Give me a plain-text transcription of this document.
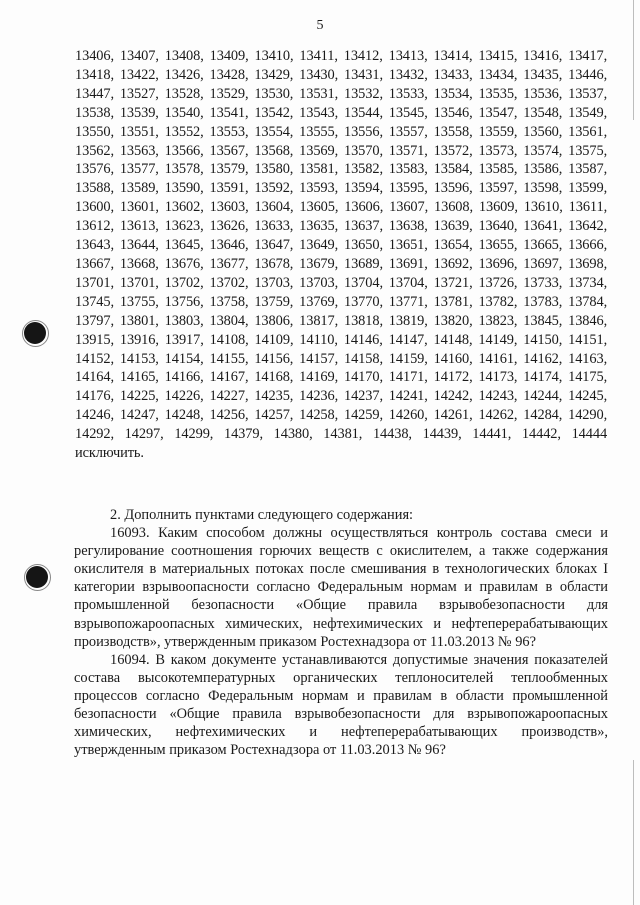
5
13406, 13407, 13408, 13409, 13410, 13411, 13412, 13413, 13414, 13415, 13416, 13417, 13418, 13422, 13426, 13428, 13429, 13430, 13431, 13432, 13433, 13434, 13435, 13446, 13447, 13527, 13528, 13529, 13530, 13531, 13532, 13533, 13534, 13535, 13536, 13537, 13538, 13539, 13540, 13541, 13542, 13543, 13544, 13545, 13546, 13547, 13548, 13549, 13550, 13551, 13552, 13553, 13554, 13555, 13556, 13557, 13558, 13559, 13560, 13561, 13562, 13563, 13566, 13567, 13568, 13569, 13570, 13571, 13572, 13573, 13574, 13575, 13576, 13577, 13578, 13579, 13580, 13581, 13582, 13583, 13584, 13585, 13586, 13587, 13588, 13589, 13590, 13591, 13592, 13593, 13594, 13595, 13596, 13597, 13598, 13599, 13600, 13601, 13602, 13603, 13604, 13605, 13606, 13607, 13608, 13609, 13610, 13611, 13612, 13613, 13623, 13626, 13633, 13635, 13637, 13638, 13639, 13640, 13641, 13642, 13643, 13644, 13645, 13646, 13647, 13649, 13650, 13651, 13654, 13655, 13665, 13666, 13667, 13668, 13676, 13677, 13678, 13679, 13689, 13691, 13692, 13696, 13697, 13698, 13701, 13701, 13702, 13702, 13703, 13703, 13704, 13704, 13721, 13726, 13733, 13734, 13745, 13755, 13756, 13758, 13759, 13769, 13770, 13771, 13781, 13782, 13783, 13784, 13797, 13801, 13803, 13804, 13806, 13817, 13818, 13819, 13820, 13823, 13845, 13846, 13915, 13916, 13917, 14108, 14109, 14110, 14146, 14147, 14148, 14149, 14150, 14151, 14152, 14153, 14154, 14155, 14156, 14157, 14158, 14159, 14160, 14161, 14162, 14163, 14164, 14165, 14166, 14167, 14168, 14169, 14170, 14171, 14172, 14173, 14174, 14175, 14176, 14225, 14226, 14227, 14235, 14236, 14237, 14241, 14242, 14243, 14244, 14245, 14246, 14247, 14248, 14256, 14257, 14258, 14259, 14260, 14261, 14262, 14284, 14290, 14292, 14297, 14299, 14379, 14380, 14381, 14438, 14439, 14441, 14442, 14444 исключить.

2. Дополнить пунктами следующего содержания:

16093. Каким способом должны осуществляться контроль состава смеси и регулирование соотношения горючих веществ с окислителем, а также содержания окислителя в материальных потоках после смешивания в технологических блоках I категории взрывоопасности согласно Федеральным нормам и правилам в области промышленной безопасности «Общие правила взрывобезопасности для взрывопожароопасных химических, нефтехимических и нефтеперерабатывающих производств», утвержденным приказом Ростехнадзора от 11.03.2013 № 96?

16094. В каком документе устанавливаются допустимые значения показателей состава высокотемпературных органических теплоносителей теплообменных процессов согласно Федеральным нормам и правилам в области промышленной безопасности «Общие правила взрывобезопасности для взрывопожароопасных химических, нефтехимических и нефтеперерабатывающих производств», утвержденным приказом Ростехнадзора от 11.03.2013 № 96?
